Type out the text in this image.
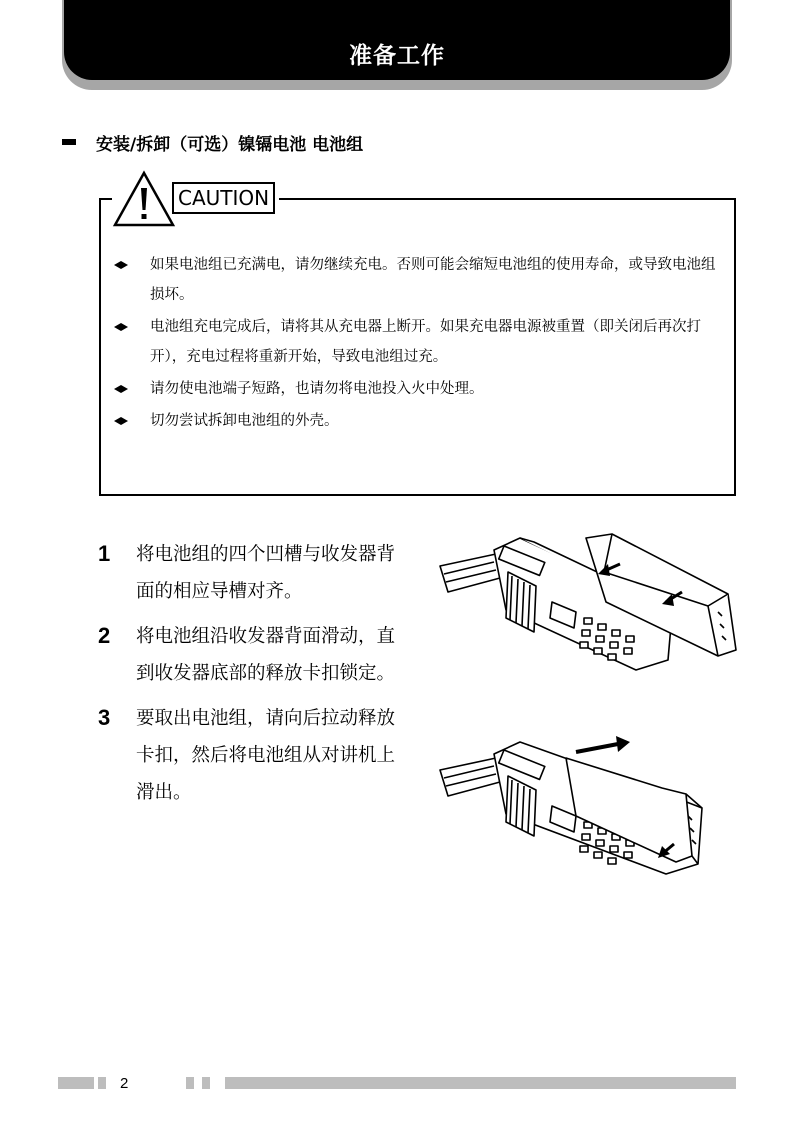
准备工作
安装/拆卸（可选）镍镉电池 电池组
CAUTION
如果电池组已充满电，请勿继续充电。否则可能会缩短电池组的使用寿命，或导致电池组损坏。
电池组充电完成后，请将其从充电器上断开。如果充电器电源被重置（即关闭后再次打开），充电过程将重新开始，导致电池组过充。
请勿使电池端子短路，也请勿将电池投入火中处理。
切勿尝试拆卸电池组的外壳。
1	将电池组的四个凹槽与收发器背面的相应导槽对齐。
2	将电池组沿收发器背面滑动，直到收发器底部的释放卡扣锁定。
3	要取出电池组，请向后拉动释放卡扣，然后将电池组从对讲机上滑出。
2
